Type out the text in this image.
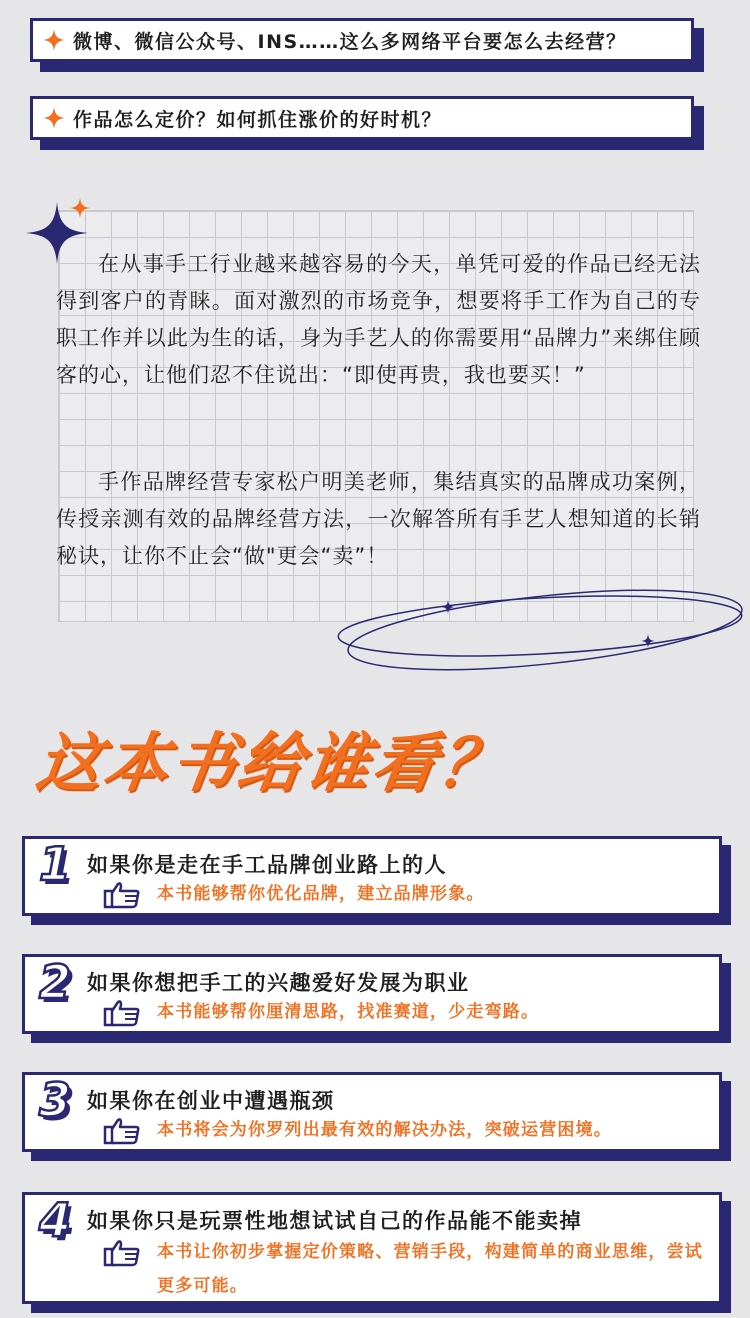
微博、微信公众号、INS……这么多网络平台要怎么去经营？
作品怎么定价？如何抓住涨价的好时机？
在从事手工行业越来越容易的今天，单凭可爱的作品已经无法得到客户的青睐。面对激烈的市场竞争，想要将手工作为自己的专职工作并以此为生的话，身为手艺人的你需要用“品牌力”来绑住顾客的心，让他们忍不住说出：“即使再贵，我也要买！”
手作品牌经营专家松户明美老师，集结真实的品牌成功案例，传授亲测有效的品牌经营方法，一次解答所有手艺人想知道的长销秘诀，让你不止会“做"更会“卖”！
这本书给谁看？
1 如果你是走在手工品牌创业路上的人
本书能够帮你优化品牌，建立品牌形象。
2 如果你想把手工的兴趣爱好发展为职业
本书能够帮你厘清思路，找准赛道，少走弯路。
3 如果你在创业中遭遇瓶颈
本书将会为你罗列出最有效的解决办法，突破运营困境。
4 如果你只是玩票性地想试试自己的作品能不能卖掉
本书让你初步掌握定价策略、营销手段，构建简单的商业思维，尝试更多可能。
